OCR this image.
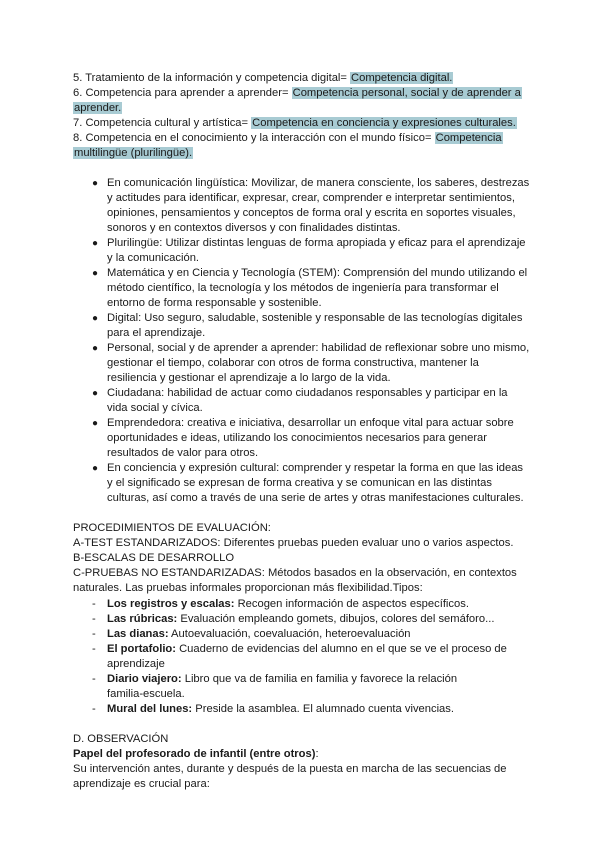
5. Tratamiento de la información y competencia digital= Competencia digital.
6. Competencia para aprender a aprender= Competencia personal, social y de aprender a
aprender.
7. Competencia cultural y artística= Competencia en conciencia y expresiones culturales.
8. Competencia en el conocimiento y la interacción con el mundo físico= Competencia
multilingüe (plurilingüe).
● En comunicación lingüística: Movilizar, de manera consciente, los saberes, destrezas
y actitudes para identificar, expresar, crear, comprender e interpretar sentimientos,
opiniones, pensamientos y conceptos de forma oral y escrita en soportes visuales,
sonoros y en contextos diversos y con finalidades distintas.
● Plurilingüe: Utilizar distintas lenguas de forma apropiada y eficaz para el aprendizaje
y la comunicación.
● Matemática y en Ciencia y Tecnología (STEM): Comprensión del mundo utilizando el
método científico, la tecnología y los métodos de ingeniería para transformar el
entorno de forma responsable y sostenible.
● Digital: Uso seguro, saludable, sostenible y responsable de las tecnologías digitales
para el aprendizaje.
● Personal, social y de aprender a aprender: habilidad de reflexionar sobre uno mismo,
gestionar el tiempo, colaborar con otros de forma constructiva, mantener la
resiliencia y gestionar el aprendizaje a lo largo de la vida.
● Ciudadana: habilidad de actuar como ciudadanos responsables y participar en la
vida social y cívica.
● Emprendedora: creativa e iniciativa, desarrollar un enfoque vital para actuar sobre
oportunidades e ideas, utilizando los conocimientos necesarios para generar
resultados de valor para otros.
● En conciencia y expresión cultural: comprender y respetar la forma en que las ideas
y el significado se expresan de forma creativa y se comunican en las distintas
culturas, así como a través de una serie de artes y otras manifestaciones culturales.
PROCEDIMIENTOS DE EVALUACIÓN:
A-TEST ESTANDARIZADOS: Diferentes pruebas pueden evaluar uno o varios aspectos.
B-ESCALAS DE DESARROLLO
C-PRUEBAS NO ESTANDARIZADAS: Métodos basados en la observación, en contextos
naturales. Las pruebas informales proporcionan más flexibilidad.Tipos:
- Los registros y escalas: Recogen información de aspectos específicos.
- Las rúbricas: Evaluación empleando gomets, dibujos, colores del semáforo...
- Las dianas: Autoevaluación, coevaluación, heteroevaluación
- El portafolio: Cuaderno de evidencias del alumno en el que se ve el proceso de
aprendizaje
- Diario viajero: Libro que va de familia en familia y favorece la relación
familia-escuela.
- Mural del lunes: Preside la asamblea. El alumnado cuenta vivencias.
D. OBSERVACIÓN
Papel del profesorado de infantil (entre otros):
Su intervención antes, durante y después de la puesta en marcha de las secuencias de
aprendizaje es crucial para:
